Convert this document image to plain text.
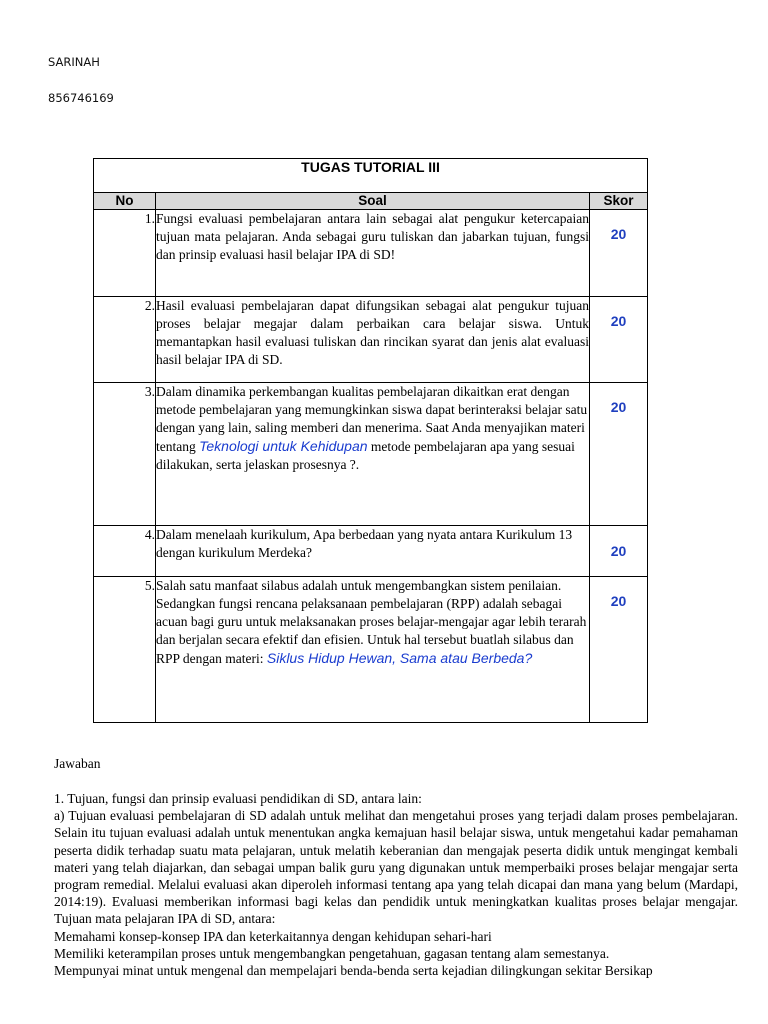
SARINAH
856746169
TUGAS TUTORIAL III		
No	Soal	Skor
1.	Fungsi evaluasi pembelajaran antara lain sebagai alat pengukur ketercapaian tujuan mata pelajaran. Anda sebagai guru tuliskan dan jabarkan tujuan, fungsi dan prinsip evaluasi hasil belajar IPA di SD!	20
2.	Hasil evaluasi pembelajaran dapat difungsikan sebagai alat pengukur tujuan proses belajar megajar dalam perbaikan cara belajar siswa. Untuk memantapkan hasil evaluasi tuliskan dan rincikan syarat dan jenis alat evaluasi hasil belajar IPA di SD.	20
3.	Dalam dinamika perkembangan kualitas pembelajaran dikaitkan erat dengan metode pembelajaran yang memungkinkan siswa dapat berinteraksi belajar satu dengan yang lain, saling memberi dan menerima. Saat Anda menyajikan materi tentang Teknologi untuk Kehidupan metode pembelajaran apa yang sesuai dilakukan, serta jelaskan prosesnya ?.	20
4.	Dalam menelaah kurikulum, Apa berbedaan yang nyata antara Kurikulum 13 dengan kurikulum Merdeka?	20
5.	Salah satu manfaat silabus adalah untuk mengembangkan sistem penilaian. Sedangkan fungsi rencana pelaksanaan pembelajaran (RPP) adalah sebagai acuan bagi guru untuk melaksanakan proses belajar-mengajar agar lebih terarah dan berjalan secara efektif dan efisien. Untuk hal tersebut buatlah silabus dan RPP dengan materi: Siklus Hidup Hewan, Sama atau Berbeda?	20
Jawaban

1. Tujuan, fungsi dan prinsip evaluasi pendidikan di SD, antara lain:

a) Tujuan evaluasi pembelajaran di SD adalah untuk melihat dan mengetahui proses yang terjadi dalam proses pembelajaran. Selain itu tujuan evaluasi adalah untuk menentukan angka kemajuan hasil belajar siswa, untuk mengetahui kadar pemahaman peserta didik terhadap suatu mata pelajaran, untuk melatih keberanian dan mengajak peserta didik untuk mengingat kembali materi yang telah diajarkan, dan sebagai umpan balik guru yang digunakan untuk memperbaiki proses belajar mengajar serta program remedial. Melalui evaluasi akan diperoleh informasi tentang apa yang telah dicapai dan mana yang belum (Mardapi, 2014:19). Evaluasi memberikan informasi bagi kelas dan pendidik untuk meningkatkan kualitas proses belajar mengajar. Tujuan mata pelajaran IPA di SD, antara:

Memahami konsep-konsep IPA dan keterkaitannya dengan kehidupan sehari-hari

Memiliki keterampilan proses untuk mengembangkan pengetahuan, gagasan tentang alam semestanya.

Mempunyai minat untuk mengenal dan mempelajari benda-benda serta kejadian dilingkungan sekitar Bersikap
